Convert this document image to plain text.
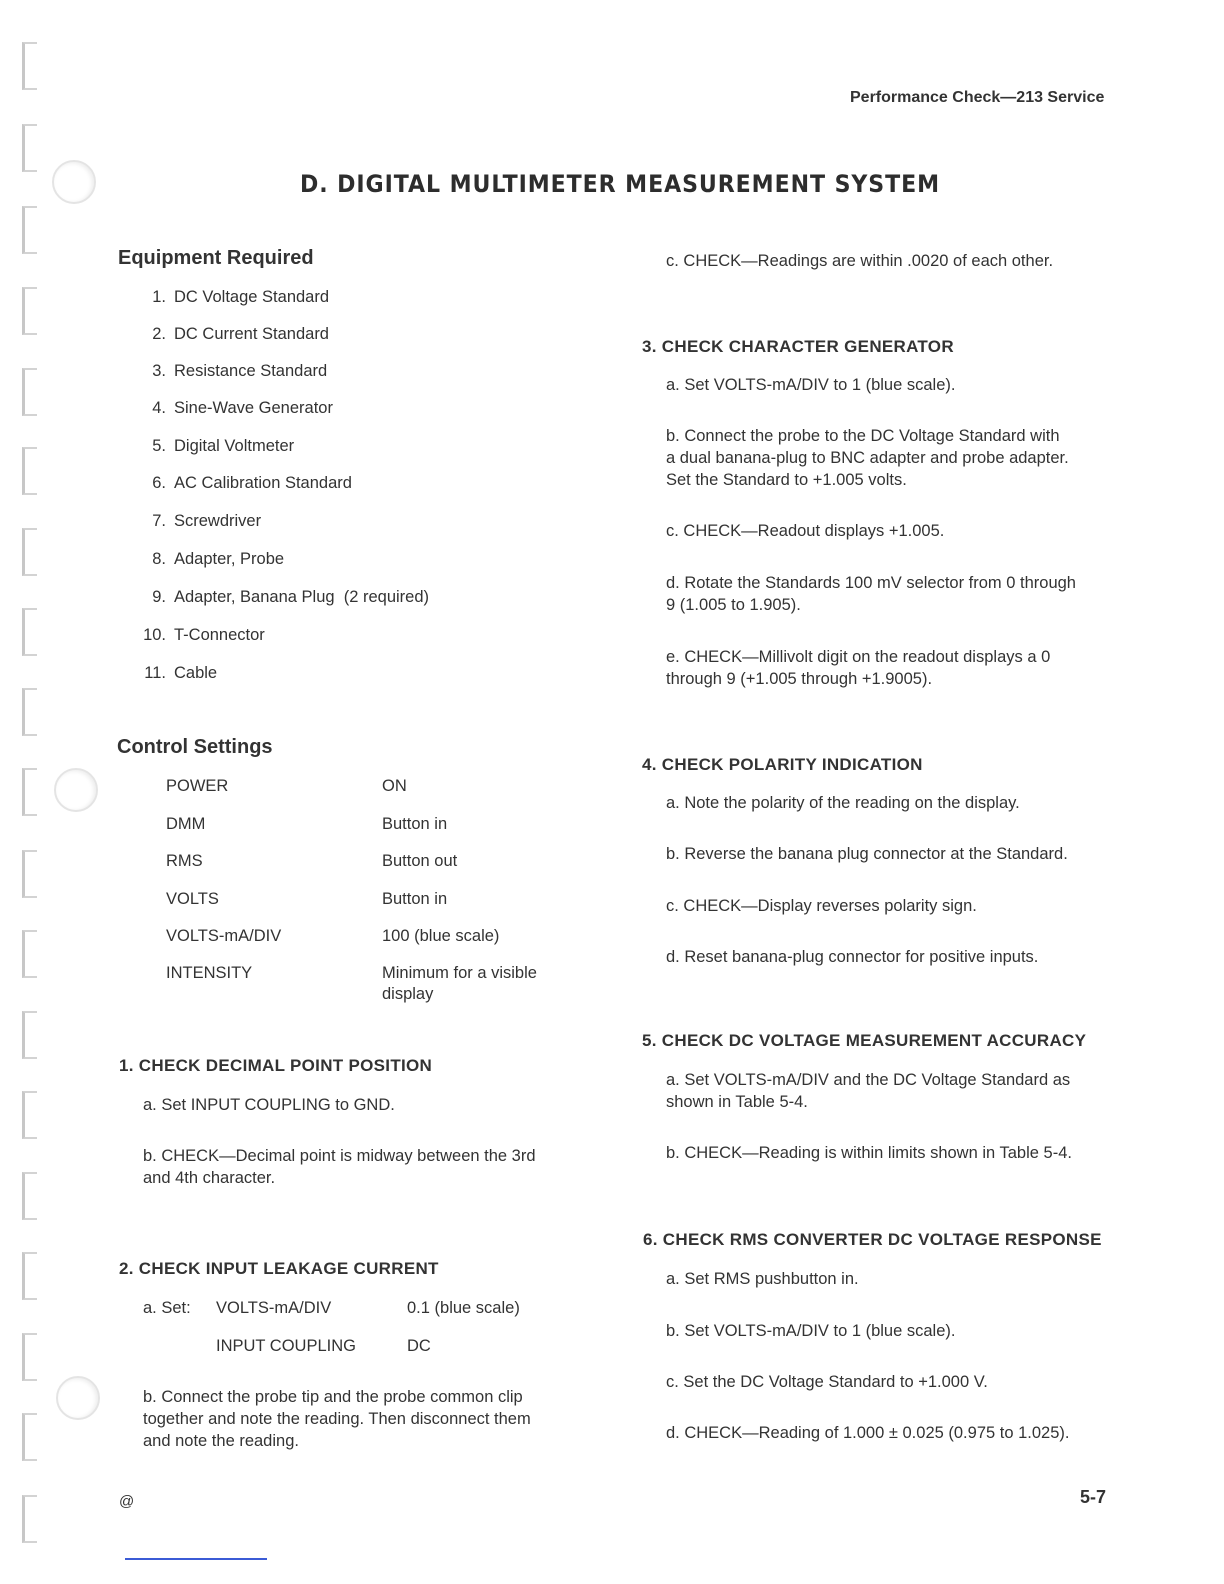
Performance Check—213 Service
D. DIGITAL MULTIMETER MEASUREMENT SYSTEM
Equipment Required
1. DC Voltage Standard
2. DC Current Standard
3. Resistance Standard
4. Sine-Wave Generator
5. Digital Voltmeter
6. AC Calibration Standard
7. Screwdriver
8. Adapter, Probe
9. Adapter, Banana Plug  (2 required)
10. T-Connector
11. Cable
Control Settings
POWER	ON
DMM	Button in
RMS	Button out
VOLTS	Button in
VOLTS-mA/DIV	100 (blue scale)
INTENSITY	Minimum for a visible
display
1. CHECK DECIMAL POINT POSITION
a. Set INPUT COUPLING to GND.
b. CHECK—Decimal point is midway between the 3rd
and 4th character.
2. CHECK INPUT LEAKAGE CURRENT
a. Set: VOLTS-mA/DIV	0.1 (blue scale)
INPUT COUPLING	DC
b. Connect the probe tip and the probe common clip
together and note the reading. Then disconnect them
and note the reading.
c. CHECK—Readings are within .0020 of each other.
3. CHECK CHARACTER GENERATOR
a. Set VOLTS-mA/DIV to 1 (blue scale).
b. Connect the probe to the DC Voltage Standard with
a dual banana-plug to BNC adapter and probe adapter.
Set the Standard to +1.005 volts.
c. CHECK—Readout displays +1.005.
d. Rotate the Standards 100 mV selector from 0 through
9 (1.005 to 1.905).
e. CHECK—Millivolt digit on the readout displays a 0
through 9 (+1.005 through +1.9005).
4. CHECK POLARITY INDICATION
a. Note the polarity of the reading on the display.
b. Reverse the banana plug connector at the Standard.
c. CHECK—Display reverses polarity sign.
d. Reset banana-plug connector for positive inputs.
5. CHECK DC VOLTAGE MEASUREMENT ACCURACY
a. Set VOLTS-mA/DIV and the DC Voltage Standard as
shown in Table 5-4.
b. CHECK—Reading is within limits shown in Table 5-4.
6. CHECK RMS CONVERTER DC VOLTAGE RESPONSE
a. Set RMS pushbutton in.
b. Set VOLTS-mA/DIV to 1 (blue scale).
c. Set the DC Voltage Standard to +1.000 V.
d. CHECK—Reading of 1.000 ± 0.025 (0.975 to 1.025).
@	5-7
